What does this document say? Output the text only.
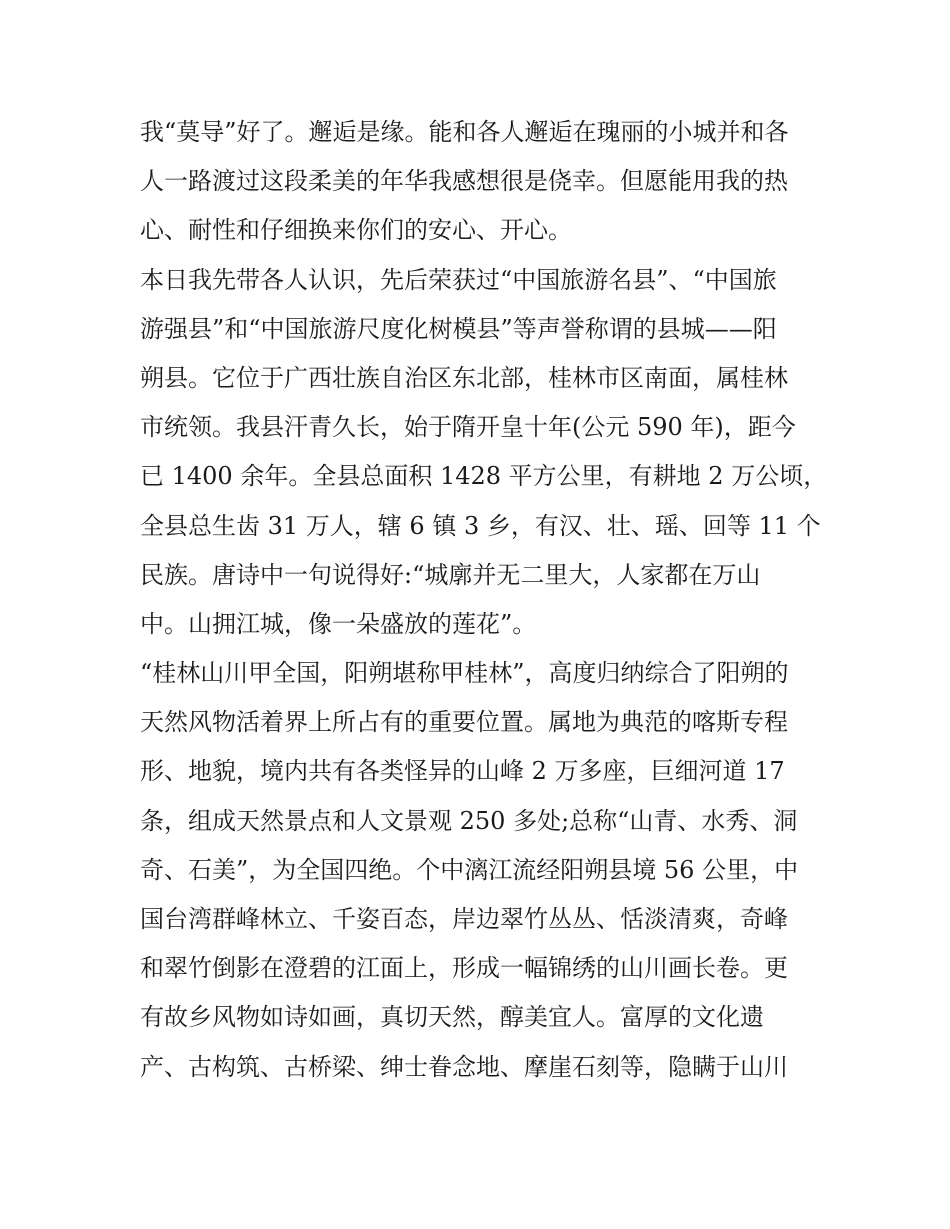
我“莫导”好了。邂逅是缘。能和各人邂逅在瑰丽的小城并和各
人一路渡过这段柔美的年华我感想很是侥幸。但愿能用我的热
心、耐性和仔细换来你们的安心、开心。
本日我先带各人认识，先后荣获过“中国旅游名县”、“中国旅
游强县”和“中国旅游尺度化树模县”等声誉称谓的县城——阳
朔县。它位于广西壮族自治区东北部，桂林市区南面，属桂林
市统领。我县汗青久长，始于隋开皇十年(公元 590 年)，距今
已 1400 余年。全县总面积 1428 平方公里，有耕地 2 万公顷，
全县总生齿 31 万人，辖 6 镇 3 乡，有汉、壮、瑶、回等 11 个
民族。唐诗中一句说得好:“城廓并无二里大，人家都在万山
中。山拥江城，像一朵盛放的莲花”。
“桂林山川甲全国，阳朔堪称甲桂林”，高度归纳综合了阳朔的
天然风物活着界上所占有的重要位置。属地为典范的喀斯专程
形、地貌，境内共有各类怪异的山峰 2 万多座，巨细河道 17
条，组成天然景点和人文景观 250 多处;总称“山青、水秀、洞
奇、石美”，为全国四绝。个中漓江流经阳朔县境 56 公里，中
国台湾群峰林立、千姿百态，岸边翠竹丛丛、恬淡清爽，奇峰
和翠竹倒影在澄碧的江面上，形成一幅锦绣的山川画长卷。更
有故乡风物如诗如画，真切天然，醇美宜人。富厚的文化遗
产、古构筑、古桥梁、绅士眷念地、摩崖石刻等，隐瞒于山川
